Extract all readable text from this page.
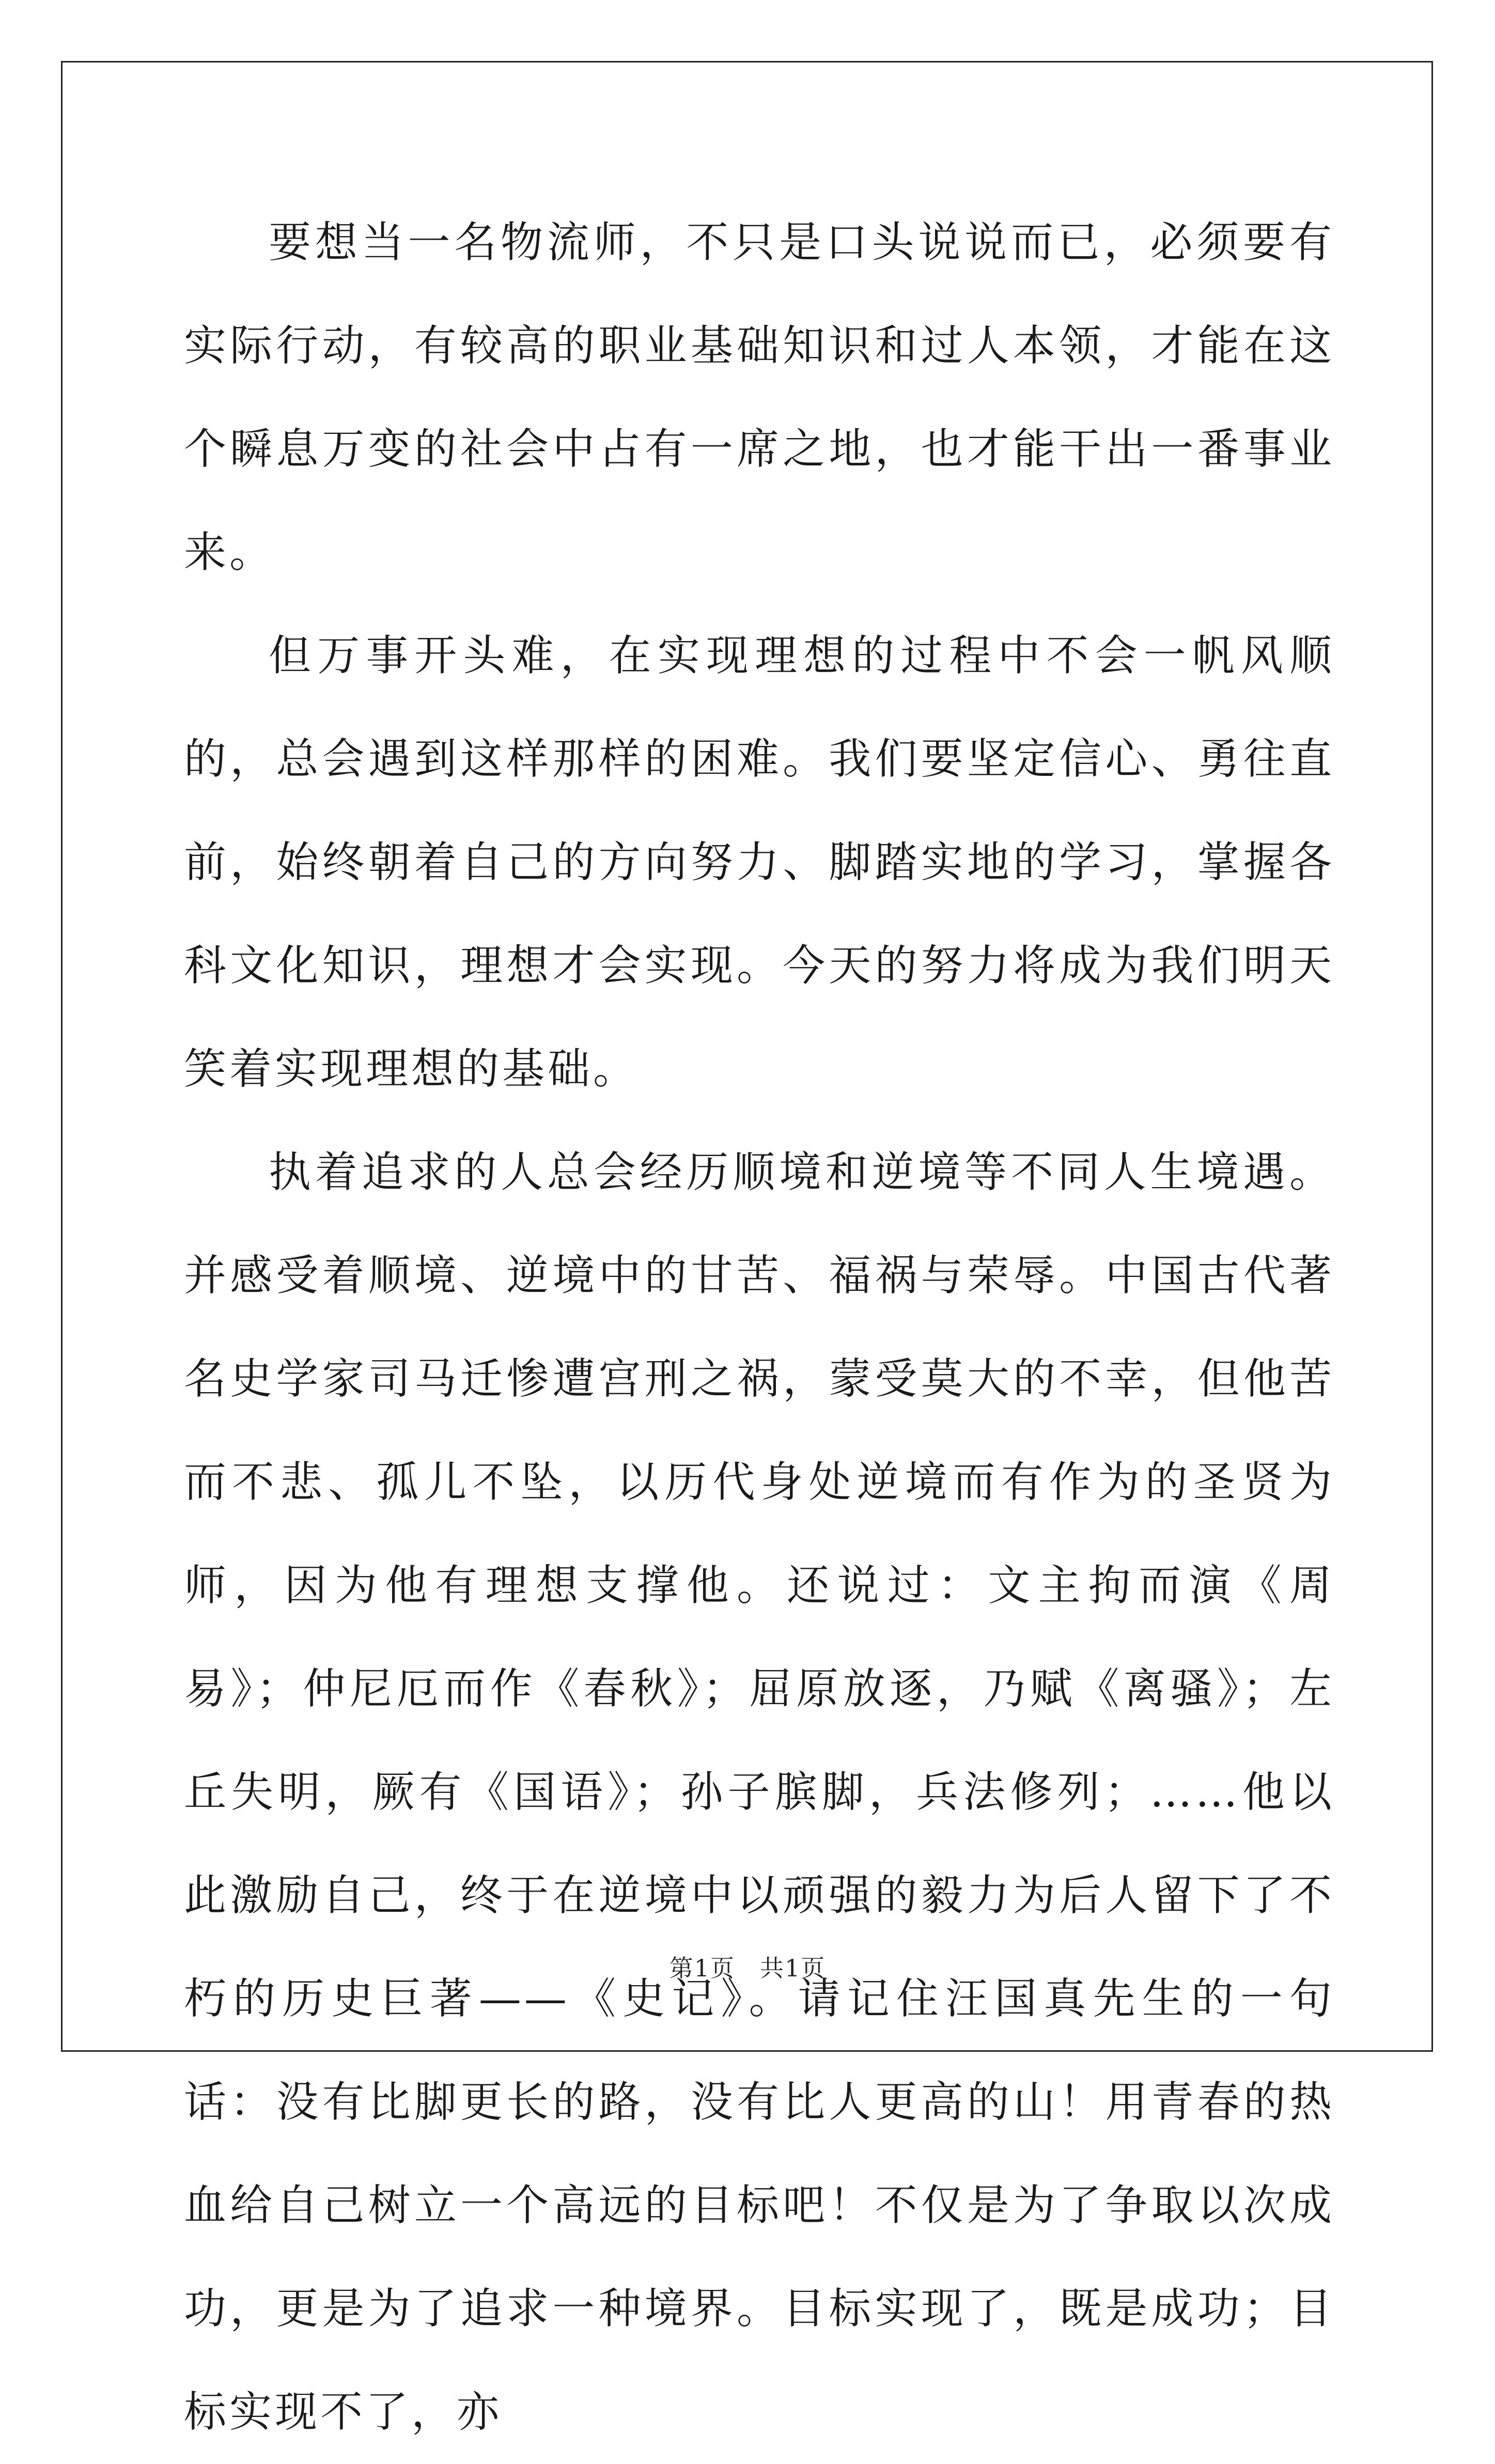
要想当一名物流师，不只是口头说说而已，必须要有实际行动，有较高的职业基础知识和过人本领，才能在这个瞬息万变的社会中占有一席之地，也才能干出一番事业来。

但万事开头难，在实现理想的过程中不会一帆风顺的，总会遇到这样那样的困难。我们要坚定信心、勇往直前，始终朝着自己的方向努力、脚踏实地的学习，掌握各科文化知识，理想才会实现。今天的努力将成为我们明天笑着实现理想的基础。

执着追求的人总会经历顺境和逆境等不同人生境遇。并感受着顺境、逆境中的甘苦、福祸与荣辱。中国古代著名史学家司马迁惨遭宫刑之祸，蒙受莫大的不幸，但他苦而不悲、孤儿不坠，以历代身处逆境而有作为的圣贤为师，因为他有理想支撑他。还说过：文主拘而演《周易》；仲尼厄而作《春秋》；屈原放逐，乃赋《离骚》；左丘失明，厥有《国语》；孙子膑脚，兵法修列；……他以此激励自己，终于在逆境中以顽强的毅力为后人留下了不朽的历史巨著——《史记》。请记住汪国真先生的一句话：没有比脚更长的路，没有比人更高的山！用青春的热血给自己树立一个高远的目标吧！不仅是为了争取以次成功，更是为了追求一种境界。目标实现了，既是成功；目标实现不了，亦

第1页　共1页
